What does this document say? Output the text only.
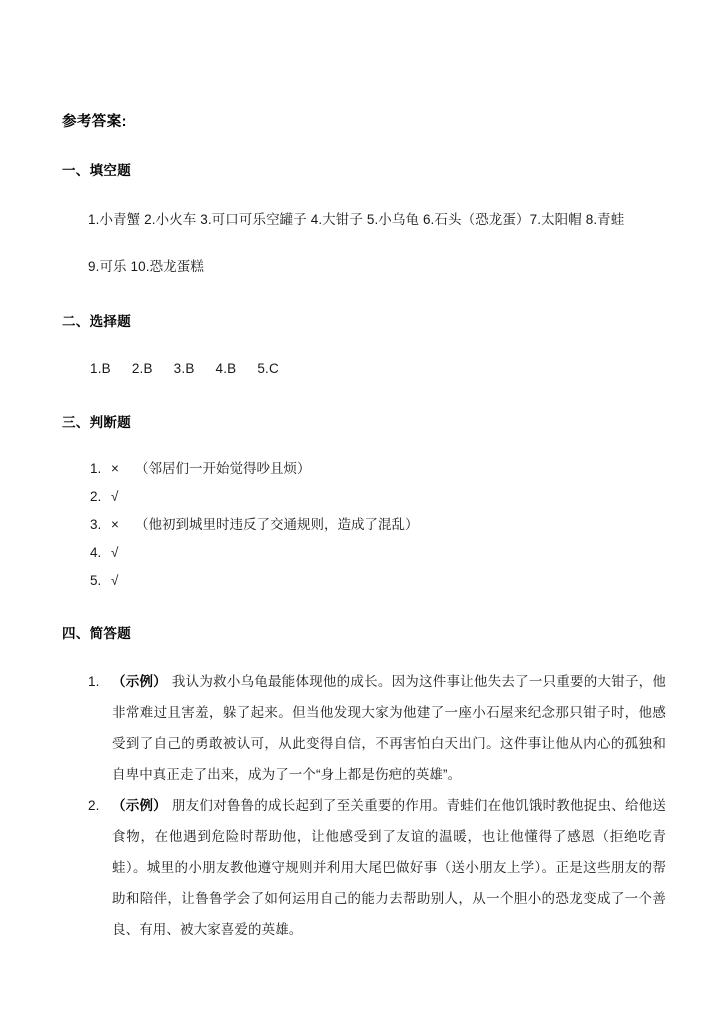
参考答案:
一、填空题
1.小青蟹 2.小火车 3.可口可乐空罐子 4.大钳子 5.小乌龟 6.石头（恐龙蛋）7.太阳帽 8.青蛙
9.可乐 10.恐龙蛋糕
二、选择题
1.B 2.B 3.B 4.B 5.C
三、判断题
1. × （邻居们一开始觉得吵且烦）
2. √
3. × （他初到城里时违反了交通规则，造成了混乱）
4. √
5. √
四、简答题
1. （示例） 我认为救小乌龟最能体现他的成长。因为这件事让他失去了一只重要的大钳子，他非常难过且害羞，躲了起来。但当他发现大家为他建了一座小石屋来纪念那只钳子时，他感受到了自己的勇敢被认可，从此变得自信，不再害怕白天出门。这件事让他从内心的孤独和自卑中真正走了出来，成为了一个“身上都是伤疤的英雄”。
2. （示例） 朋友们对鲁鲁的成长起到了至关重要的作用。青蛙们在他饥饿时教他捉虫、给他送食物，在他遇到危险时帮助他，让他感受到了友谊的温暖，也让他懂得了感恩（拒绝吃青蛙）。城里的小朋友教他遵守规则并利用大尾巴做好事（送小朋友上学）。正是这些朋友的帮助和陪伴，让鲁鲁学会了如何运用自己的能力去帮助别人，从一个胆小的恐龙变成了一个善良、有用、被大家喜爱的英雄。
